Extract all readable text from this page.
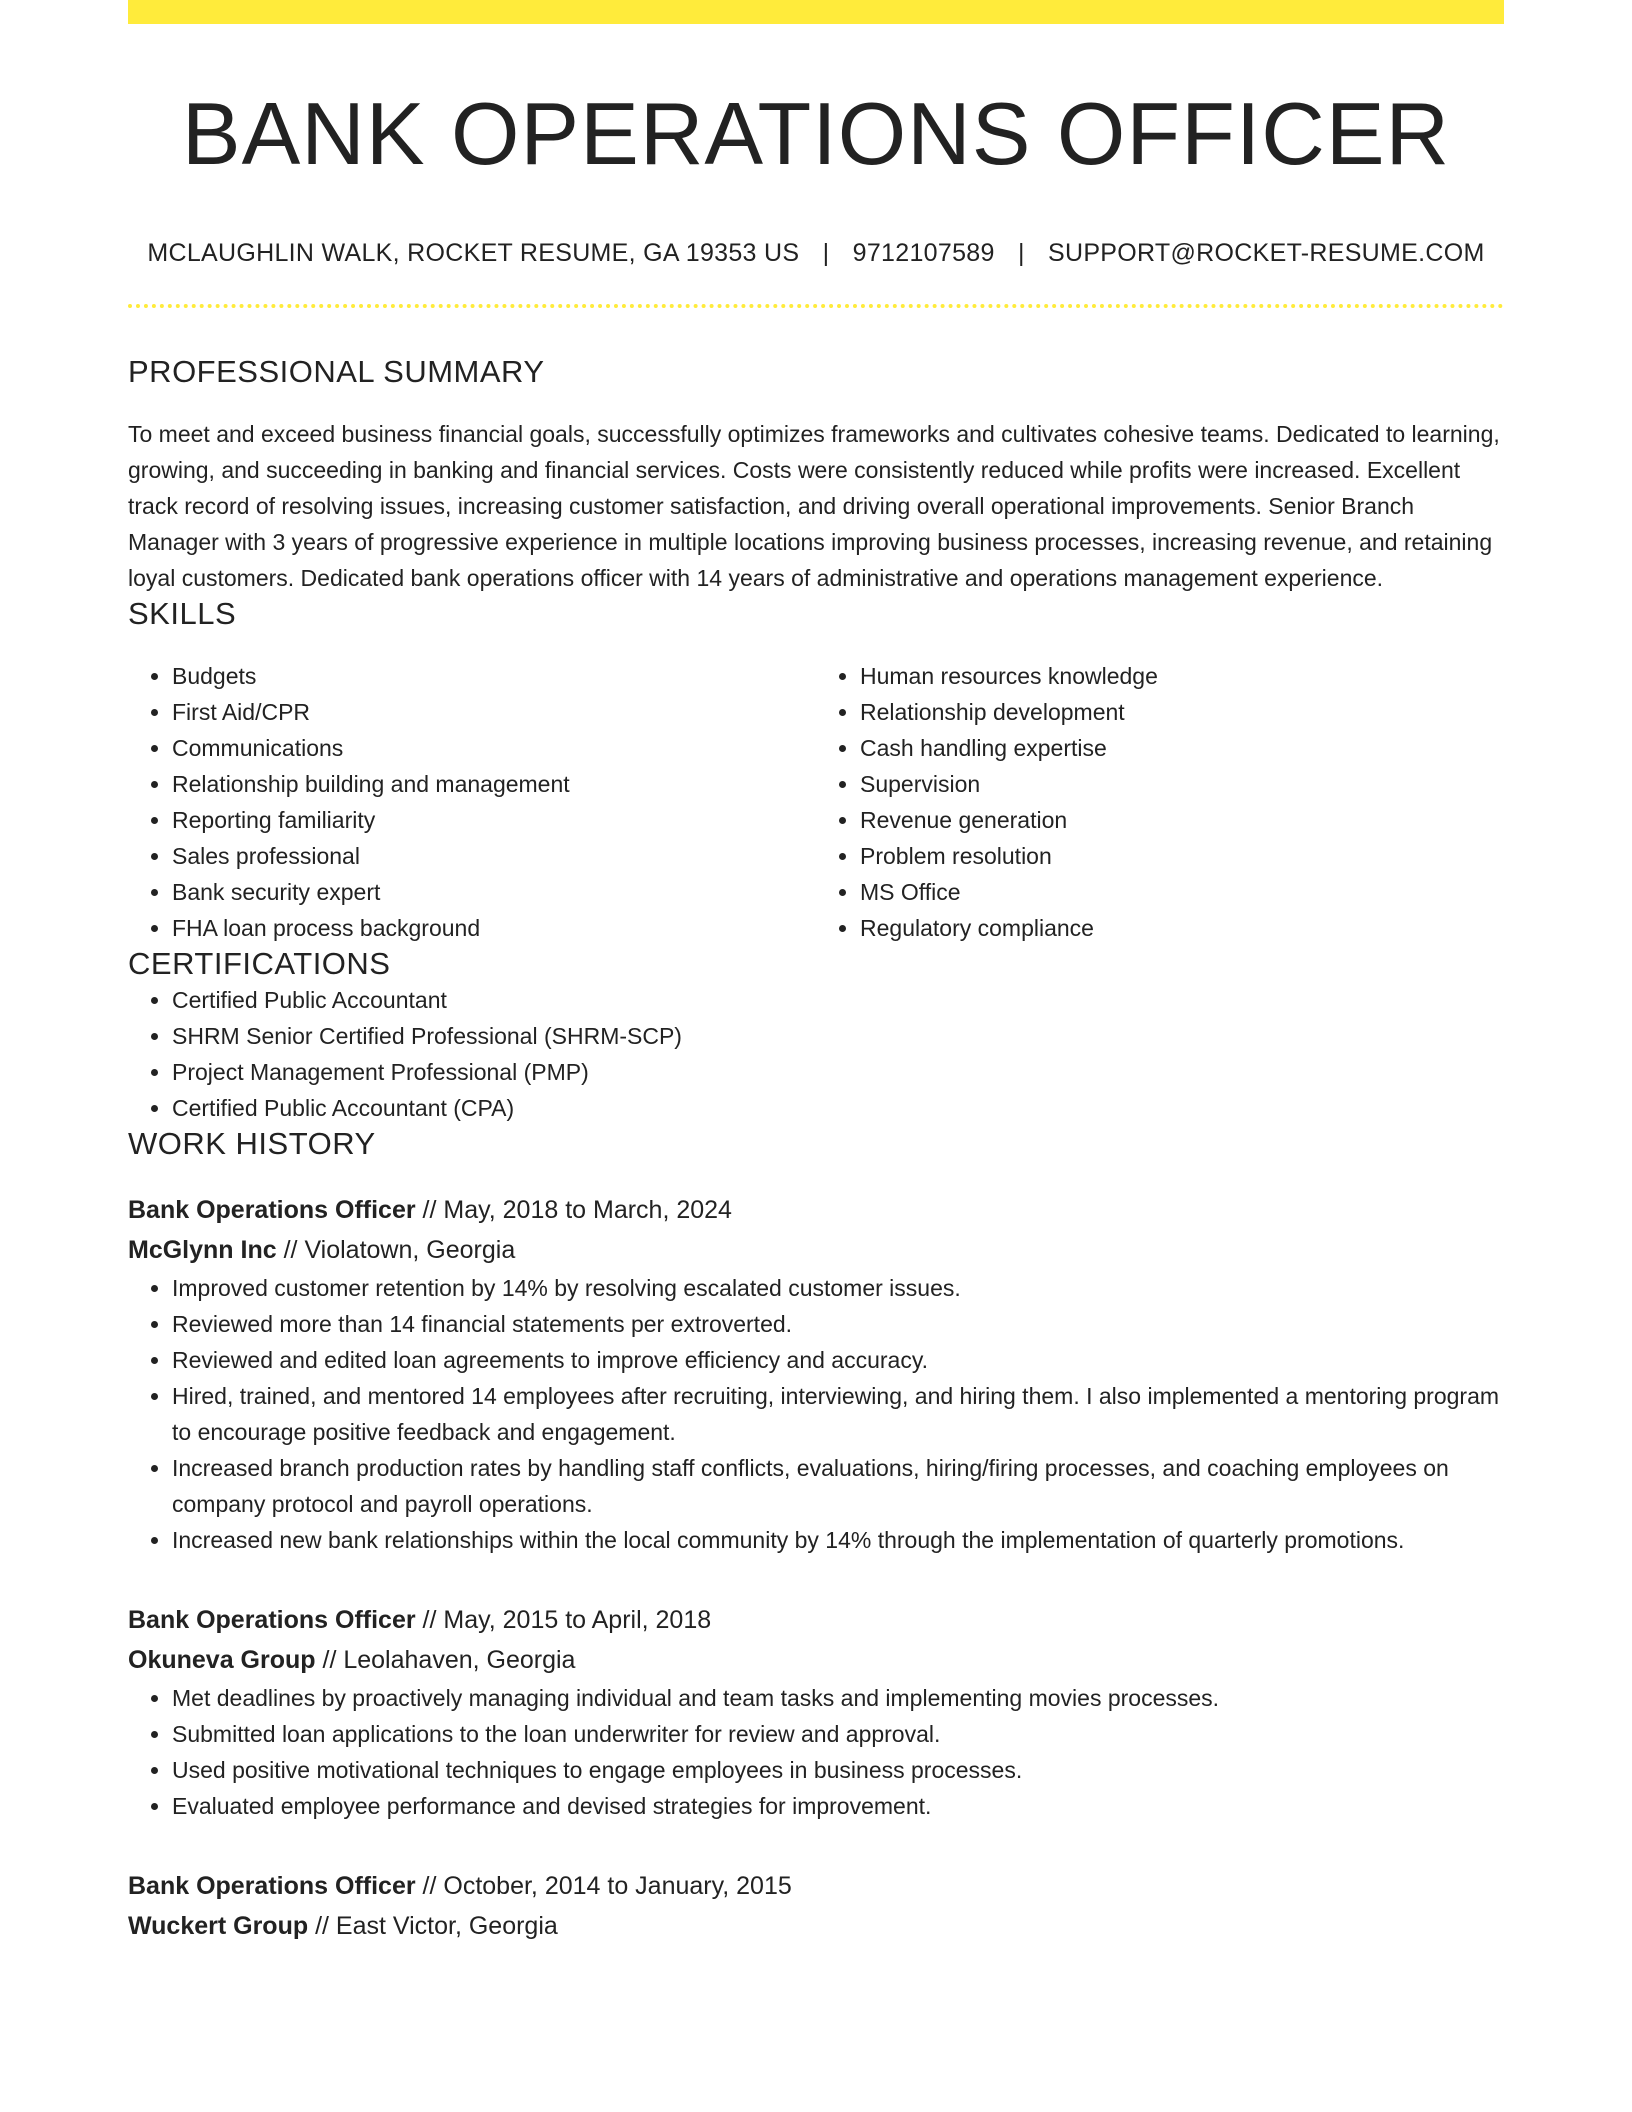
BANK OPERATIONS OFFICER
MCLAUGHLIN WALK, ROCKET RESUME, GA 19353 US | 9712107589 | SUPPORT@ROCKET-RESUME.COM
PROFESSIONAL SUMMARY
To meet and exceed business financial goals, successfully optimizes frameworks and cultivates cohesive teams. Dedicated to learning, growing, and succeeding in banking and financial services. Costs were consistently reduced while profits were increased. Excellent track record of resolving issues, increasing customer satisfaction, and driving overall operational improvements. Senior Branch Manager with 3 years of progressive experience in multiple locations improving business processes, increasing revenue, and retaining loyal customers. Dedicated bank operations officer with 14 years of administrative and operations management experience.
SKILLS
• Budgets
• First Aid/CPR
• Communications
• Relationship building and management
• Reporting familiarity
• Sales professional
• Bank security expert
• FHA loan process background
• Human resources knowledge
• Relationship development
• Cash handling expertise
• Supervision
• Revenue generation
• Problem resolution
• MS Office
• Regulatory compliance
CERTIFICATIONS
• Certified Public Accountant
• SHRM Senior Certified Professional (SHRM-SCP)
• Project Management Professional (PMP)
• Certified Public Accountant (CPA)
WORK HISTORY
Bank Operations Officer // May, 2018 to March, 2024
McGlynn Inc // Violatown, Georgia
• Improved customer retention by 14% by resolving escalated customer issues.
• Reviewed more than 14 financial statements per extroverted.
• Reviewed and edited loan agreements to improve efficiency and accuracy.
• Hired, trained, and mentored 14 employees after recruiting, interviewing, and hiring them. I also implemented a mentoring program to encourage positive feedback and engagement.
• Increased branch production rates by handling staff conflicts, evaluations, hiring/firing processes, and coaching employees on company protocol and payroll operations.
• Increased new bank relationships within the local community by 14% through the implementation of quarterly promotions.
Bank Operations Officer // May, 2015 to April, 2018
Okuneva Group // Leolahaven, Georgia
• Met deadlines by proactively managing individual and team tasks and implementing movies processes.
• Submitted loan applications to the loan underwriter for review and approval.
• Used positive motivational techniques to engage employees in business processes.
• Evaluated employee performance and devised strategies for improvement.
Bank Operations Officer // October, 2014 to January, 2015
Wuckert Group // East Victor, Georgia
